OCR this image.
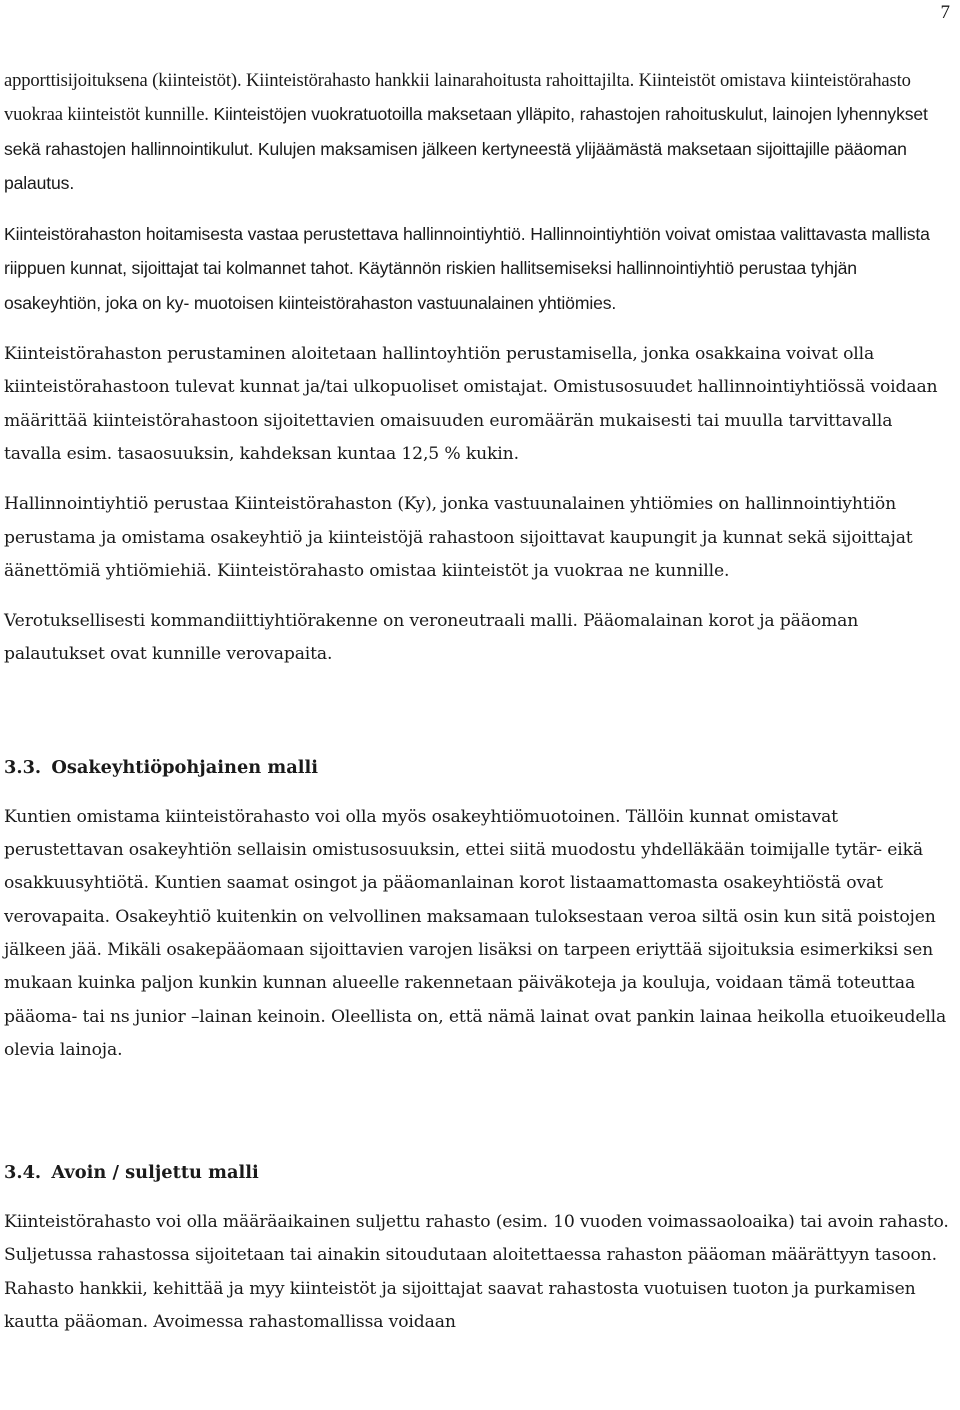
7

apporttisijoituksena (kiinteistöt). Kiinteistörahasto hankkii lainarahoitusta rahoittajilta. Kiinteistöt omistava kiinteistörahasto vuokraa kiinteistöt kunnille. Kiinteistöjen vuokratuotoilla maksetaan ylläpito, rahastojen rahoituskulut, lainojen lyhennykset sekä rahastojen hallinnointikulut. Kulujen maksamisen jälkeen kertyneestä ylijäämästä maksetaan sijoittajille pääoman palautus.

Kiinteistörahaston hoitamisesta vastaa perustettava hallinnointiyhtiö. Hallinnointiyhtiön voivat omistaa valittavasta mallista riippuen kunnat, sijoittajat tai kolmannet tahot. Käytännön riskien hallitsemiseksi hallinnointiyhtiö perustaa tyhjän osakeyhtiön, joka on ky- muotoisen kiinteistörahaston vastuunalainen yhtiömies.

Kiinteistörahaston perustaminen aloitetaan hallintoyhtiön perustamisella, jonka osakkaina voivat olla kiinteistörahastoon tulevat kunnat ja/tai ulkopuoliset omistajat. Omistusosuudet hallinnointiyhtiössä voidaan määrittää kiinteistörahastoon sijoitettavien omaisuuden euromäärän mukaisesti tai muulla tarvittavalla tavalla esim. tasaosuuksin, kahdeksan kuntaa 12,5 % kukin.

Hallinnointiyhtiö perustaa Kiinteistörahaston (Ky), jonka vastuunalainen yhtiömies on hallinnointiyhtiön perustama ja omistama osakeyhtiö ja kiinteistöjä rahastoon sijoittavat kaupungit ja kunnat sekä sijoittajat äänettömiä yhtiömiehiä. Kiinteistörahasto omistaa kiinteistöt ja vuokraa ne kunnille.

Verotuksellisesti kommandiittiyhtiörakenne on veroneutraali malli. Pääomalainan korot ja pääoman palautukset ovat kunnille verovapaita.

3.3. Osakeyhtiöpohjainen malli

Kuntien omistama kiinteistörahasto voi olla myös osakeyhtiömuotoinen. Tällöin kunnat omistavat perustettavan osakeyhtiön sellaisin omistusosuuksin, ettei siitä muodostu yhdelläkään toimijalle tytär- eikä osakkuusyhtiötä. Kuntien saamat osingot ja pääomanlainan korot listaamattomasta osakeyhtiöstä ovat verovapaita. Osakeyhtiö kuitenkin on velvollinen maksamaan tuloksestaan veroa siltä osin kun sitä poistojen jälkeen jää. Mikäli osakepääomaan sijoittavien varojen lisäksi on tarpeen eriyttää sijoituksia esimerkiksi sen mukaan kuinka paljon kunkin kunnan alueelle rakennetaan päiväkoteja ja kouluja, voidaan tämä toteuttaa pääoma- tai ns junior –lainan keinoin. Oleellista on, että nämä lainat ovat pankin lainaa heikolla etuoikeudella olevia lainoja.

3.4. Avoin / suljettu malli

Kiinteistörahasto voi olla määräaikainen suljettu rahasto (esim. 10 vuoden voimassaoloaika) tai avoin rahasto. Suljetussa rahastossa sijoitetaan tai ainakin sitoudutaan aloitettaessa rahaston pääoman määrättyyn tasoon. Rahasto hankkii, kehittää ja myy kiinteistöt ja sijoittajat saavat rahastosta vuotuisen tuoton ja purkamisen kautta pääoman. Avoimessa rahastomallissa voidaan
